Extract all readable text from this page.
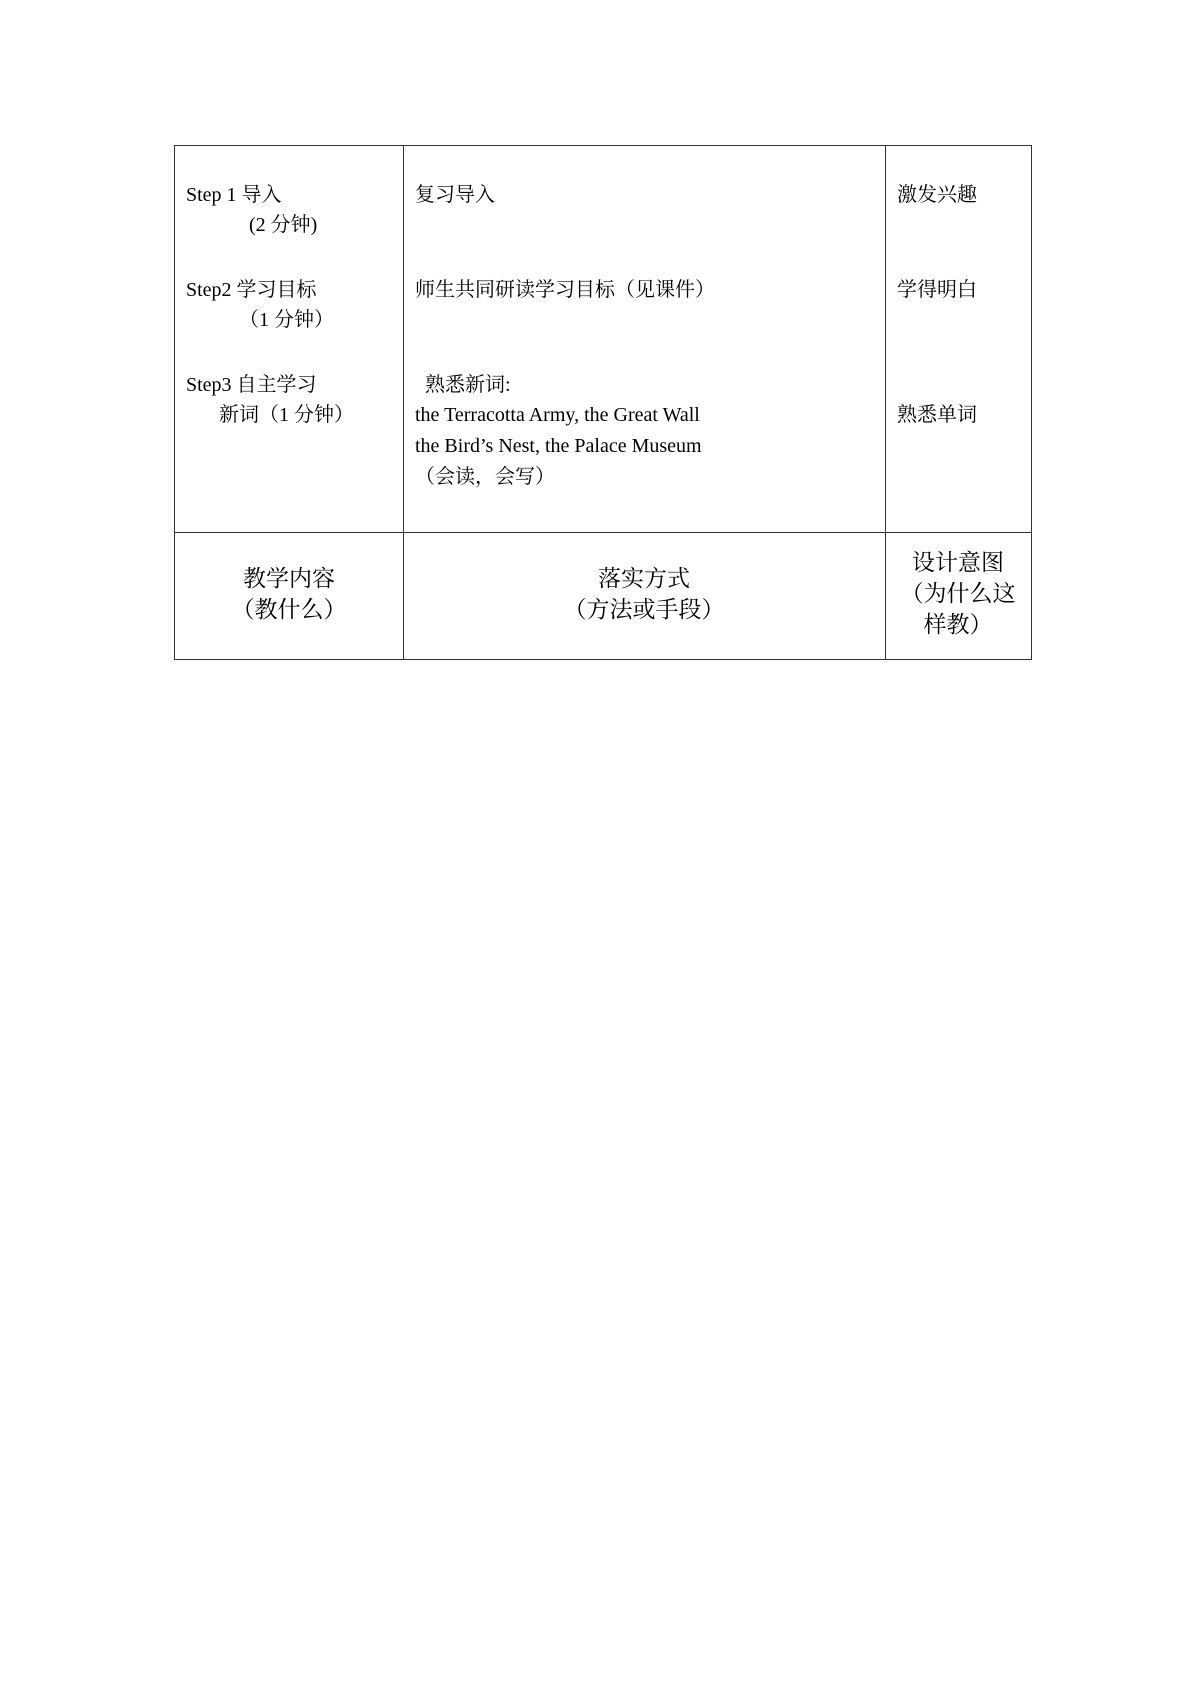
Step 1 导入
(2 分钟)
复习导入	激发兴趣
Step2 学习目标
（1 分钟）
师生共同研读学习目标（见课件）	学得明白
Step3 自主学习
新词（1 分钟）
熟悉新词:
the Terracotta Army, the Great Wall
the Bird’s Nest, the Palace Museum
（会读，会写）
熟悉单词
教学内容
（教什么）
落实方式
（方法或手段）
设计意图
（为什么这
样教）
